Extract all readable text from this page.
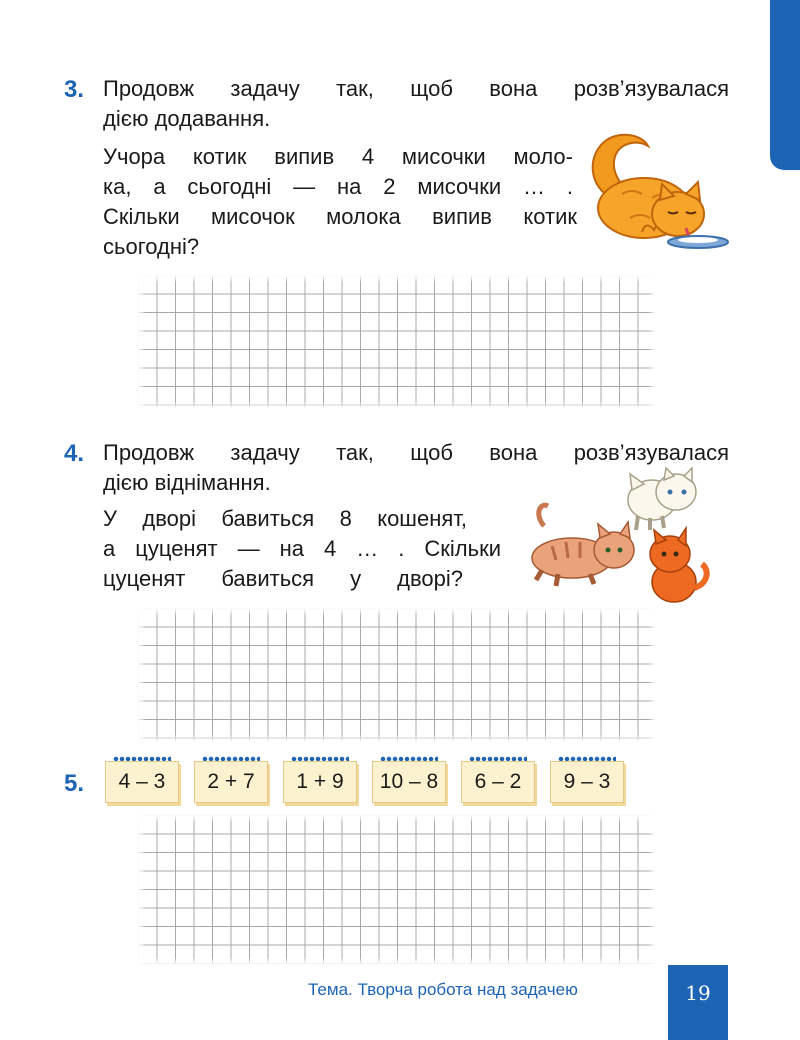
3. Продовж задачу так, щоб вона розв’язувалася

дією додавання.

Учора котик випив 4 мисочки моло-

ка, а сьогодні — на 2 мисочки … .

Скільки мисочок молока випив котик

сьогодні?

4. Продовж задачу так, щоб вона розв’язувалася

дією віднімання.

У дворі бавиться 8 кошенят,

а цуценят — на 4 … . Скільки

цуценят бавиться у дворі?

5.	4 – 3	2 + 7	1 + 9	10 – 8	6 – 2	9 – 3
Тема. Творча робота над задачею	19
